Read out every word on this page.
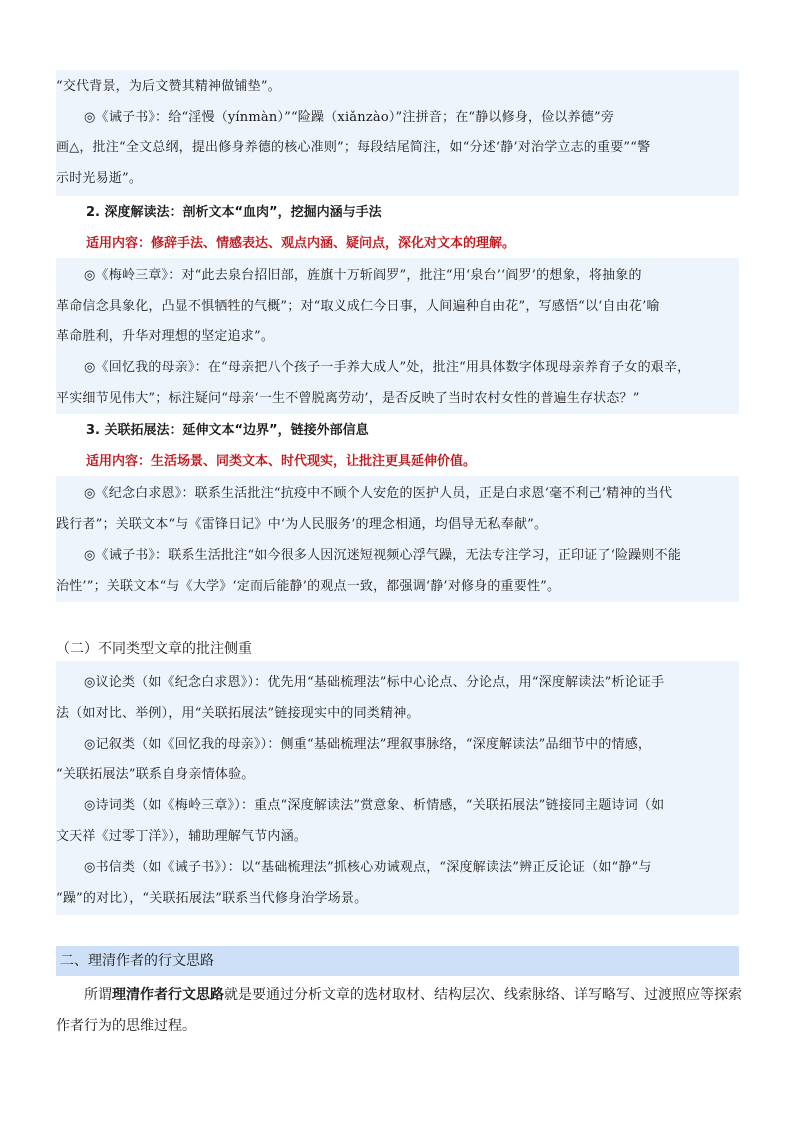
“交代背景，为后文赞其精神做铺垫”。
◎《诫子书》：给“淫慢（yínmàn）”“险躁（xiǎnzào）”注拼音；在“静以修身，俭以养德”旁
画△，批注“全文总纲，提出修身养德的核心准则”；每段结尾简注，如“分述‘静’对治学立志的重要”“警
示时光易逝”。
2. 深度解读法：剖析文本“血肉”，挖掘内涵与手法
适用内容：修辞手法、情感表达、观点内涵、疑问点，深化对文本的理解。
◎《梅岭三章》：对“此去泉台招旧部，旌旗十万斩阎罗”，批注“用‘泉台’‘阎罗’的想象，将抽象的
革命信念具象化，凸显不惧牺牲的气概”；对“取义成仁今日事，人间遍种自由花”，写感悟“以‘自由花’喻
革命胜利，升华对理想的坚定追求”。
◎《回忆我的母亲》：在“母亲把八个孩子一手养大成人”处，批注“用具体数字体现母亲养育子女的艰辛，
平实细节见伟大”；标注疑问“母亲‘一生不曾脱离劳动’，是否反映了当时农村女性的普遍生存状态？”
3. 关联拓展法：延伸文本“边界”，链接外部信息
适用内容：生活场景、同类文本、时代现实，让批注更具延伸价值。
◎《纪念白求恩》：联系生活批注“抗疫中不顾个人安危的医护人员，正是白求恩‘毫不利己’精神的当代
践行者”；关联文本“与《雷锋日记》中‘为人民服务’的理念相通，均倡导无私奉献”。
◎《诫子书》：联系生活批注“如今很多人因沉迷短视频心浮气躁，无法专注学习，正印证了‘险躁则不能
治性’”；关联文本“与《大学》‘定而后能静’的观点一致，都强调‘静’对修身的重要性”。
（二）不同类型文章的批注侧重
◎议论类（如《纪念白求恩》）：优先用“基础梳理法”标中心论点、分论点，用“深度解读法”析论证手
法（如对比、举例），用“关联拓展法”链接现实中的同类精神。
◎记叙类（如《回忆我的母亲》）：侧重“基础梳理法”理叙事脉络，“深度解读法”品细节中的情感，
“关联拓展法”联系自身亲情体验。
◎诗词类（如《梅岭三章》）：重点“深度解读法”赏意象、析情感，“关联拓展法”链接同主题诗词（如
文天祥《过零丁洋》），辅助理解气节内涵。
◎书信类（如《诫子书》）：以“基础梳理法”抓核心劝诫观点，“深度解读法”辨正反论证（如“静”与
“躁”的对比），“关联拓展法”联系当代修身治学场景。
二、理清作者的行文思路
所谓理清作者行文思路就是要通过分析文章的选材取材、结构层次、线索脉络、详写略写、过渡照应等探索
作者行为的思维过程。
